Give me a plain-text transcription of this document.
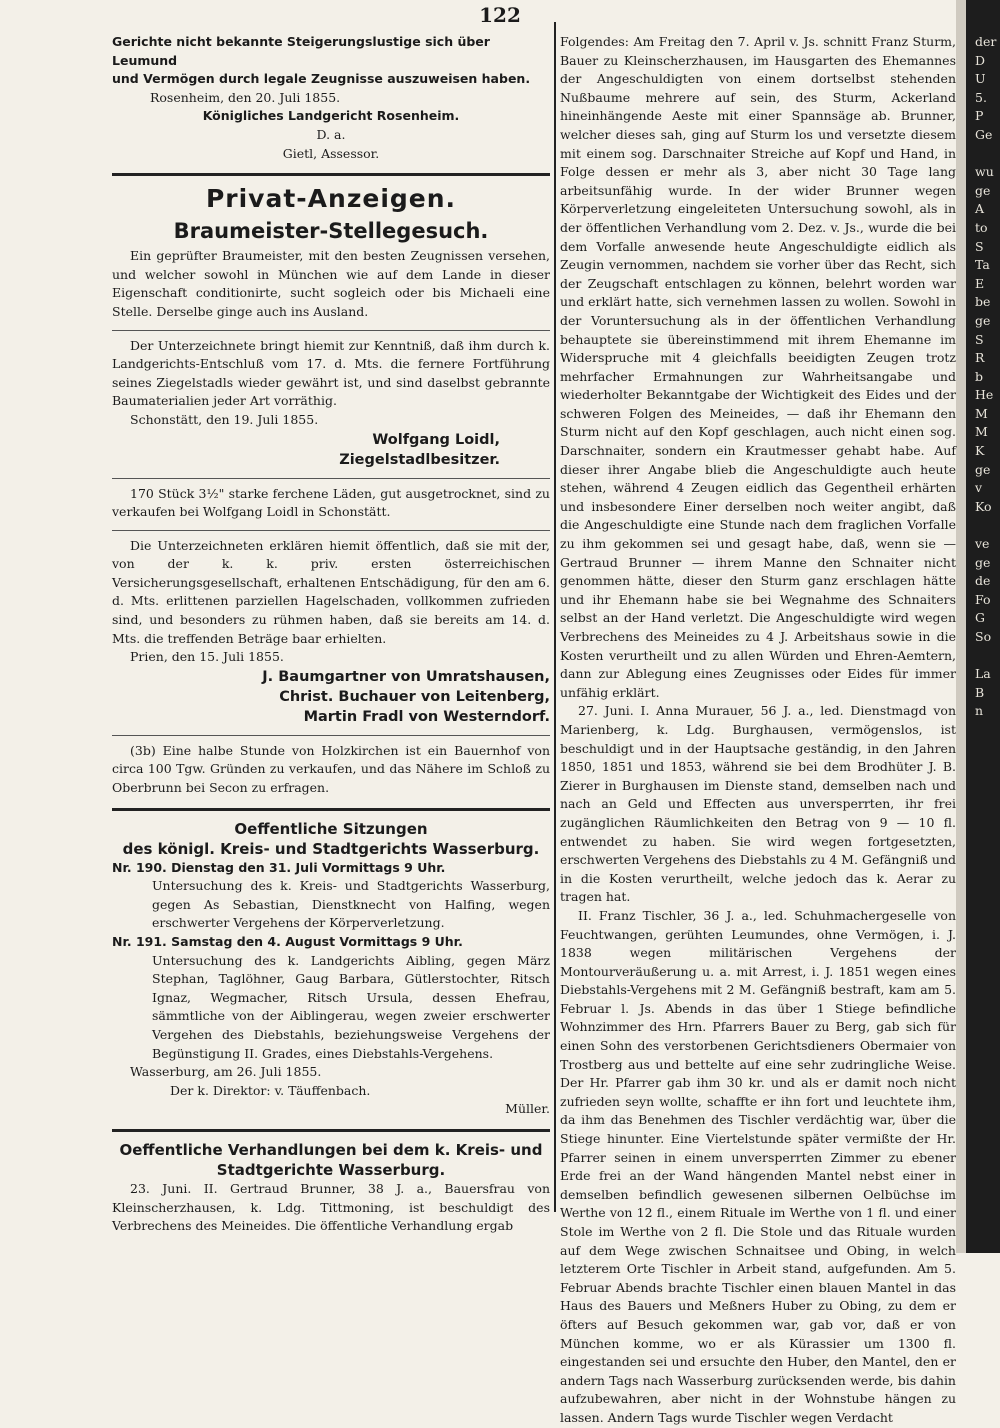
122

Gerichte nicht bekannte Steigerungslustige sich über Leumund

und Vermögen durch legale Zeugnisse auszuweisen haben.

Rosenheim, den 20. Juli 1855.

Königliches Landgericht Rosenheim.

D. a.

Gietl, Assessor.

Privat-Anzeigen.

Braumeister-Stellegesuch.

Ein geprüfter Braumeister, mit den besten Zeugnissen versehen, und welcher sowohl in München wie auf dem Lande in dieser Eigenschaft conditionirte, sucht sogleich oder bis Michaeli eine Stelle. Derselbe ginge auch ins Ausland.

Der Unterzeichnete bringt hiemit zur Kenntniß, daß ihm durch k. Landgerichts-Entschluß vom 17. d. Mts. die fernere Fortführung seines Ziegelstadls wieder gewährt ist, und sind daselbst gebrannte Baumaterialien jeder Art vorräthig.

Schonstätt, den 19. Juli 1855.

Wolfgang Loidl,

Ziegelstadlbesitzer.

170 Stück 3½" starke ferchene Läden, gut ausgetrocknet, sind zu verkaufen bei Wolfgang Loidl in Schonstätt.

Die Unterzeichneten erklären hiemit öffentlich, daß sie mit der, von der k. k. priv. ersten österreichischen Versicherungsgesellschaft, erhaltenen Entschädigung, für den am 6. d. Mts. erlittenen parziellen Hagelschaden, vollkommen zufrieden sind, und besonders zu rühmen haben, daß sie bereits am 14. d. Mts. die treffenden Beträge baar erhielten.

Prien, den 15. Juli 1855.

J. Baumgartner von Umratshausen,

Christ. Buchauer von Leitenberg,

Martin Fradl von Westerndorf.

(3b) Eine halbe Stunde von Holzkirchen ist ein Bauernhof von circa 100 Tgw. Gründen zu verkaufen, und das Nähere im Schloß zu Oberbrunn bei Secon zu erfragen.

Oeffentliche Sitzungen

des königl. Kreis- und Stadtgerichts Wasserburg.

Nr. 190. Dienstag den 31. Juli Vormittags 9 Uhr.

Untersuchung des k. Kreis- und Stadtgerichts Wasserburg, gegen As Sebastian, Dienstknecht von Halfing, wegen erschwerter Vergehens der Körperverletzung.

Nr. 191. Samstag den 4. August Vormittags 9 Uhr.

Untersuchung des k. Landgerichts Aibling, gegen März Stephan, Taglöhner, Gaug Barbara, Gütlerstochter, Ritsch Ignaz, Wegmacher, Ritsch Ursula, dessen Ehefrau, sämmtliche von der Aiblingerau, wegen zweier erschwerter Vergehen des Diebstahls, beziehungsweise Vergehens der Begünstigung II. Grades, eines Diebstahls-Vergehens.

Wasserburg, am 26. Juli 1855.

Der k. Direktor: v. Täuffenbach.

Müller.

Oeffentliche Verhandlungen bei dem k. Kreis- und

Stadtgerichte Wasserburg.

23. Juni. II. Gertraud Brunner, 38 J. a., Bauersfrau von Kleinscherzhausen, k. Ldg. Tittmoning, ist beschuldigt des Verbrechens des Meineides. Die öffentliche Verhandlung ergab

Folgendes: Am Freitag den 7. April v. Js. schnitt Franz Sturm, Bauer zu Kleinscherzhausen, im Hausgarten des Ehemannes der Angeschuldigten von einem dortselbst stehenden Nußbaume mehrere auf sein, des Sturm, Ackerland hineinhängende Aeste mit einer Spannsäge ab. Brunner, welcher dieses sah, ging auf Sturm los und versetzte diesem mit einem sog. Darschnaiter Streiche auf Kopf und Hand, in Folge dessen er mehr als 3, aber nicht 30 Tage lang arbeitsunfähig wurde. In der wider Brunner wegen Körperverletzung eingeleiteten Untersuchung sowohl, als in der öffentlichen Verhandlung vom 2. Dez. v. Js., wurde die bei dem Vorfalle anwesende heute Angeschuldigte eidlich als Zeugin vernommen, nachdem sie vorher über das Recht, sich der Zeugschaft entschlagen zu können, belehrt worden war und erklärt hatte, sich vernehmen lassen zu wollen. Sowohl in der Voruntersuchung als in der öffentlichen Verhandlung behauptete sie übereinstimmend mit ihrem Ehemanne im Widerspruche mit 4 gleichfalls beeidigten Zeugen trotz mehrfacher Ermahnungen zur Wahrheitsangabe und wiederholter Bekanntgabe der Wichtigkeit des Eides und der schweren Folgen des Meineides, — daß ihr Ehemann den Sturm nicht auf den Kopf geschlagen, auch nicht einen sog. Darschnaiter, sondern ein Krautmesser gehabt habe. Auf dieser ihrer Angabe blieb die Angeschuldigte auch heute stehen, während 4 Zeugen eidlich das Gegentheil erhärten und insbesondere Einer derselben noch weiter angibt, daß die Angeschuldigte eine Stunde nach dem fraglichen Vorfalle zu ihm gekommen sei und gesagt habe, daß, wenn sie — Gertraud Brunner — ihrem Manne den Schnaiter nicht genommen hätte, dieser den Sturm ganz erschlagen hätte und ihr Ehemann habe sie bei Wegnahme des Schnaiters selbst an der Hand verletzt. Die Angeschuldigte wird wegen Verbrechens des Meineides zu 4 J. Arbeitshaus sowie in die Kosten verurtheilt und zu allen Würden und Ehren-Aemtern, dann zur Ablegung eines Zeugnisses oder Eides für immer unfähig erklärt.

27. Juni. I. Anna Murauer, 56 J. a., led. Dienstmagd von Marienberg, k. Ldg. Burghausen, vermögenslos, ist beschuldigt und in der Hauptsache geständig, in den Jahren 1850, 1851 und 1853, während sie bei dem Brodhüter J. B. Zierer in Burghausen im Dienste stand, demselben nach und nach an Geld und Effecten aus unversperrten, ihr frei zugänglichen Räumlichkeiten den Betrag von 9 — 10 fl. entwendet zu haben. Sie wird wegen fortgesetzten, erschwerten Vergehens des Diebstahls zu 4 M. Gefängniß und in die Kosten verurtheilt, welche jedoch das k. Aerar zu tragen hat.

II. Franz Tischler, 36 J. a., led. Schuhmachergeselle von Feuchtwangen, gerühten Leumundes, ohne Vermögen, i. J. 1838 wegen militärischen Vergehens der Montourveräußerung u. a. mit Arrest, i. J. 1851 wegen eines Diebstahls-Vergehens mit 2 M. Gefängniß bestraft, kam am 5. Februar l. Js. Abends in das über 1 Stiege befindliche Wohnzimmer des Hrn. Pfarrers Bauer zu Berg, gab sich für einen Sohn des verstorbenen Gerichtsdieners Obermaier von Trostberg aus und bettelte auf eine sehr zudringliche Weise. Der Hr. Pfarrer gab ihm 30 kr. und als er damit noch nicht zufrieden seyn wollte, schaffte er ihn fort und leuchtete ihm, da ihm das Benehmen des Tischler verdächtig war, über die Stiege hinunter. Eine Viertelstunde später vermißte der Hr. Pfarrer seinen in einem unversperrten Zimmer zu ebener Erde frei an der Wand hängenden Mantel nebst einer in demselben befindlich gewesenen silbernen Oelbüchse im Werthe von 12 fl., einem Rituale im Werthe von 1 fl. und einer Stole im Werthe von 2 fl. Die Stole und das Rituale wurden auf dem Wege zwischen Schnaitsee und Obing, in welch letzterem Orte Tischler in Arbeit stand, aufgefunden. Am 5. Februar Abends brachte Tischler einen blauen Mantel in das Haus des Bauers und Meßners Huber zu Obing, zu dem er öfters auf Besuch gekommen war, gab vor, daß er von München komme, wo er als Kürassier um 1300 fl. eingestanden sei und ersuchte den Huber, den Mantel, den er andern Tags nach Wasserburg zurücksenden werde, bis dahin aufzubewahren, aber nicht in der Wohnstube hängen zu lassen. Andern Tags wurde Tischler wegen Verdacht

der
D
U
5.
P
Ge

wu
ge
A
to
S
Ta
E
be
ge
S
R
b
He
M
M
K
ge
v
Ko

ve
ge
de
Fo
G
So

La
B
n
